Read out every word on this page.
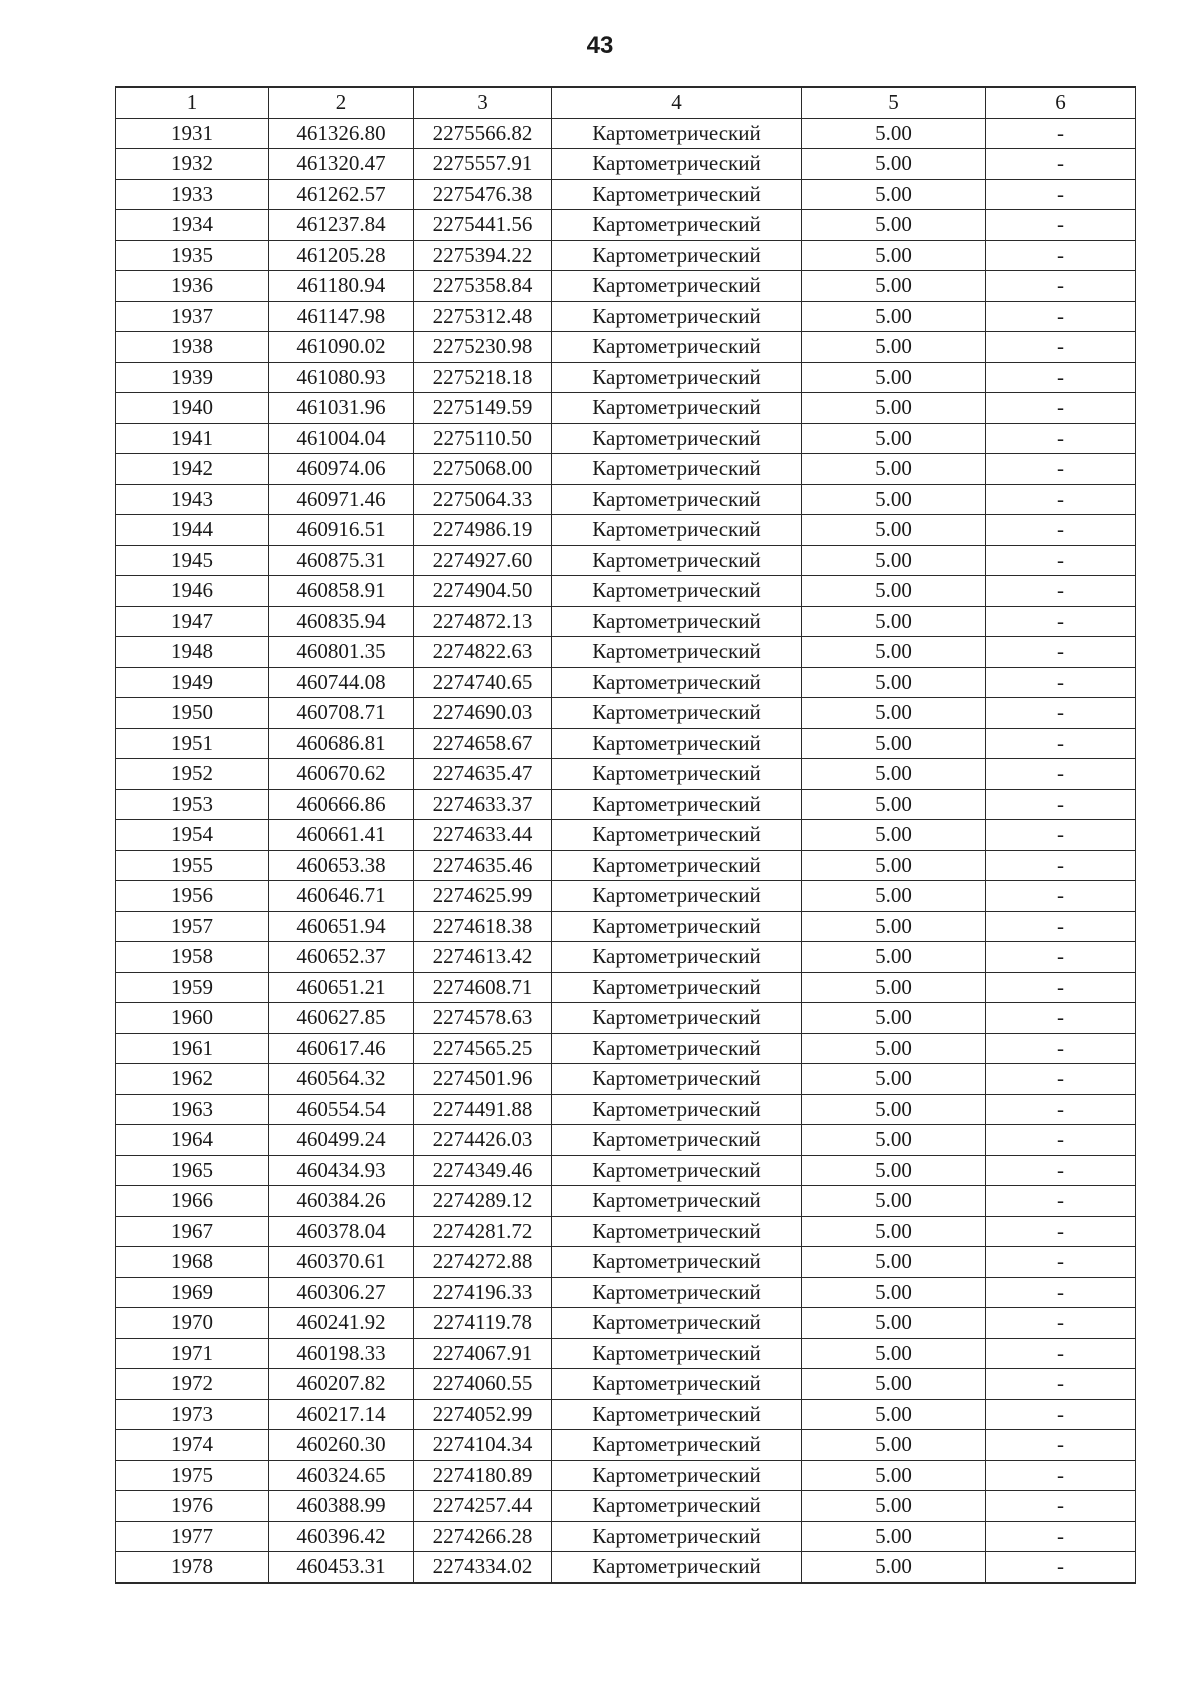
43
1	2	3	4	5	6
1931	461326.80	2275566.82	Картометрический	5.00	-
1932	461320.47	2275557.91	Картометрический	5.00	-
1933	461262.57	2275476.38	Картометрический	5.00	-
1934	461237.84	2275441.56	Картометрический	5.00	-
1935	461205.28	2275394.22	Картометрический	5.00	-
1936	461180.94	2275358.84	Картометрический	5.00	-
1937	461147.98	2275312.48	Картометрический	5.00	-
1938	461090.02	2275230.98	Картометрический	5.00	-
1939	461080.93	2275218.18	Картометрический	5.00	-
1940	461031.96	2275149.59	Картометрический	5.00	-
1941	461004.04	2275110.50	Картометрический	5.00	-
1942	460974.06	2275068.00	Картометрический	5.00	-
1943	460971.46	2275064.33	Картометрический	5.00	-
1944	460916.51	2274986.19	Картометрический	5.00	-
1945	460875.31	2274927.60	Картометрический	5.00	-
1946	460858.91	2274904.50	Картометрический	5.00	-
1947	460835.94	2274872.13	Картометрический	5.00	-
1948	460801.35	2274822.63	Картометрический	5.00	-
1949	460744.08	2274740.65	Картометрический	5.00	-
1950	460708.71	2274690.03	Картометрический	5.00	-
1951	460686.81	2274658.67	Картометрический	5.00	-
1952	460670.62	2274635.47	Картометрический	5.00	-
1953	460666.86	2274633.37	Картометрический	5.00	-
1954	460661.41	2274633.44	Картометрический	5.00	-
1955	460653.38	2274635.46	Картометрический	5.00	-
1956	460646.71	2274625.99	Картометрический	5.00	-
1957	460651.94	2274618.38	Картометрический	5.00	-
1958	460652.37	2274613.42	Картометрический	5.00	-
1959	460651.21	2274608.71	Картометрический	5.00	-
1960	460627.85	2274578.63	Картометрический	5.00	-
1961	460617.46	2274565.25	Картометрический	5.00	-
1962	460564.32	2274501.96	Картометрический	5.00	-
1963	460554.54	2274491.88	Картометрический	5.00	-
1964	460499.24	2274426.03	Картометрический	5.00	-
1965	460434.93	2274349.46	Картометрический	5.00	-
1966	460384.26	2274289.12	Картометрический	5.00	-
1967	460378.04	2274281.72	Картометрический	5.00	-
1968	460370.61	2274272.88	Картометрический	5.00	-
1969	460306.27	2274196.33	Картометрический	5.00	-
1970	460241.92	2274119.78	Картометрический	5.00	-
1971	460198.33	2274067.91	Картометрический	5.00	-
1972	460207.82	2274060.55	Картометрический	5.00	-
1973	460217.14	2274052.99	Картометрический	5.00	-
1974	460260.30	2274104.34	Картометрический	5.00	-
1975	460324.65	2274180.89	Картометрический	5.00	-
1976	460388.99	2274257.44	Картометрический	5.00	-
1977	460396.42	2274266.28	Картометрический	5.00	-
1978	460453.31	2274334.02	Картометрический	5.00	-
